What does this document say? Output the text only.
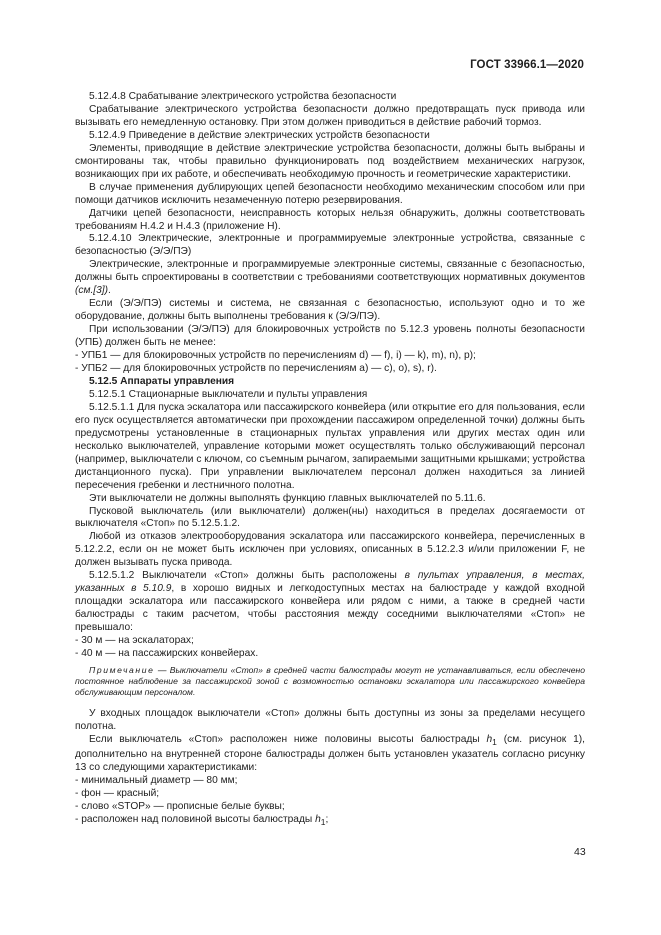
ГОСТ 33966.1—2020

5.12.4.8 Срабатывание электрического устройства безопасности

Срабатывание электрического устройства безопасности должно предотвращать пуск привода или вызывать его немедленную остановку. При этом должен приводиться в действие рабочий тормоз.

5.12.4.9 Приведение в действие электрических устройств безопасности

Элементы, приводящие в действие электрические устройства безопасности, должны быть выбраны и смонтированы так, чтобы правильно функционировать под воздействием механических нагрузок, возникающих при их работе, и обеспечивать необходимую прочность и геометрические характеристики.

В случае применения дублирующих цепей безопасности необходимо механическим способом или при помощи датчиков исключить незамеченную потерю резервирования.

Датчики цепей безопасности, неисправность которых нельзя обнаружить, должны соответствовать требованиям Н.4.2 и Н.4.3 (приложение Н).

5.12.4.10 Электрические, электронные и программируемые электронные устройства, связанные с безопасностью (Э/Э/ПЭ)

Электрические, электронные и программируемые электронные системы, связанные с безопасностью, должны быть спроектированы в соответствии с требованиями соответствующих нормативных документов (см.[3]).

Если (Э/Э/ПЭ) системы и система, не связанная с безопасностью, используют одно и то же оборудование, должны быть выполнены требования к (Э/Э/ПЭ).

При использовании (Э/Э/ПЭ) для блокировочных устройств по 5.12.3 уровень полноты безопасности (УПБ) должен быть не менее:

- УПБ1 — для блокировочных устройств по перечислениям d) — f), i) — k), m), n), p);

- УПБ2 — для блокировочных устройств по перечислениям a) — c), o), s), r).

5.12.5 Аппараты управления

5.12.5.1 Стационарные выключатели и пульты управления

5.12.5.1.1 Для пуска эскалатора или пассажирского конвейера (или открытие его для пользования, если его пуск осуществляется автоматически при прохождении пассажиром определенной точки) должны быть предусмотрены установленные в стационарных пультах управления или других местах один или несколько выключателей, управление которыми может осуществлять только обслуживающий персонал (например, выключатели с ключом, со съемным рычагом, запираемыми защитными крышками; устройства дистанционного пуска). При управлении выключателем персонал должен находиться за линией пересечения гребенки и лестничного полотна.

Эти выключатели не должны выполнять функцию главных выключателей по 5.11.6.

Пусковой выключатель (или выключатели) должен(ны) находиться в пределах досягаемости от выключателя «Стоп» по 5.12.5.1.2.

Любой из отказов электрооборудования эскалатора или пассажирского конвейера, перечисленных в 5.12.2.2, если он не может быть исключен при условиях, описанных в 5.12.2.3 и/или приложении F, не должен вызывать пуска привода.

5.12.5.1.2 Выключатели «Стоп» должны быть расположены в пультах управления, в местах, указанных в 5.10.9, в хорошо видных и легкодоступных местах на балюстраде у каждой входной площадки эскалатора или пассажирского конвейера или рядом с ними, а также в средней части балюстрады с таким расчетом, чтобы расстояния между соседними выключателями «Стоп» не превышало:

- 30 м — на эскалаторах;

- 40 м — на пассажирских конвейерах.

Примечание — Выключатели «Стоп» в средней части балюстрады могут не устанавливаться, если обеспечено постоянное наблюдение за пассажирской зоной с возможностью остановки эскалатора или пассажирского конвейера обслуживающим персоналом.

У входных площадок выключатели «Стоп» должны быть доступны из зоны за пределами несущего полотна.

Если выключатель «Стоп» расположен ниже половины высоты балюстрады $h_1$ (см. рисунок 1), дополнительно на внутренней стороне балюстрады должен быть установлен указатель согласно рисунку 13 со следующими характеристиками:

- минимальный диаметр — 80 мм;

- фон — красный;

- слово «STOP» — прописные белые буквы;

- расположен над половиной высоты балюстрады $h_1$;

43
